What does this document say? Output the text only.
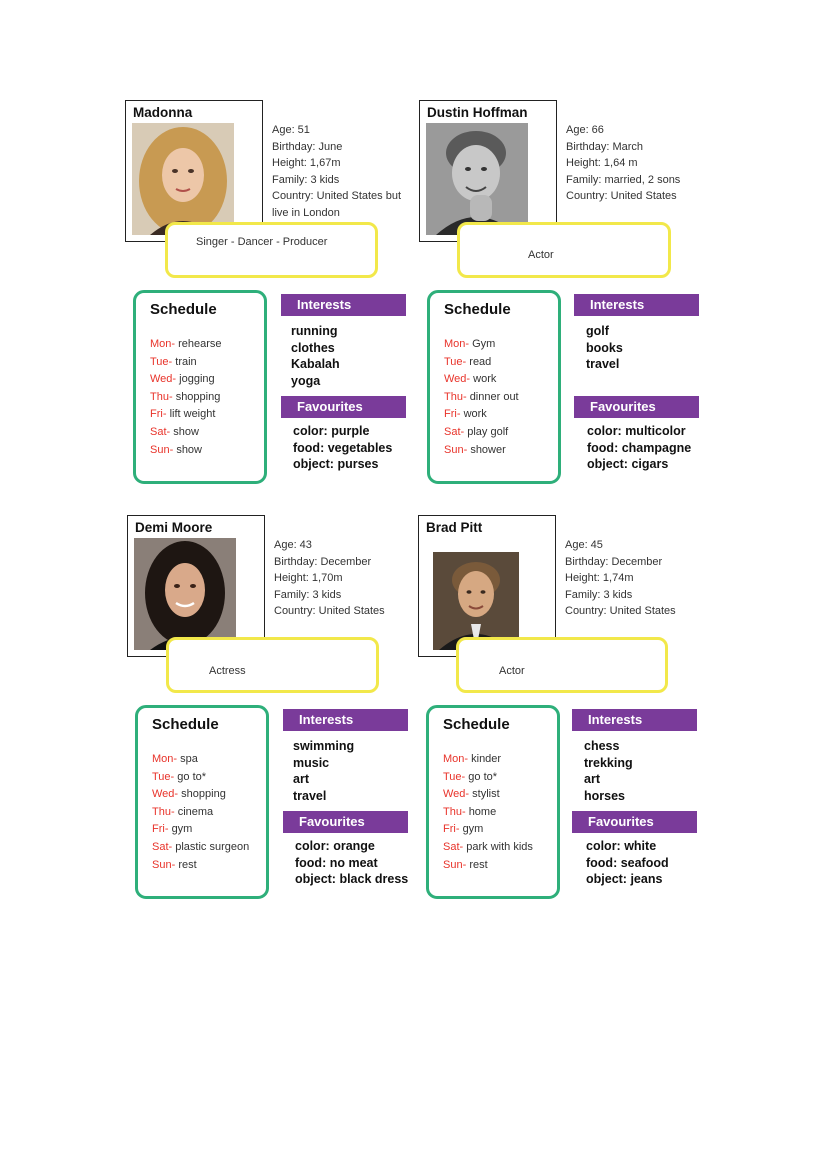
Madonna
Age: 51
Birthday: June
Height: 1,67m
Family: 3 kids
Country: United States but
live in London
Singer - Dancer - Producer
Schedule
Mon- rehearse
Tue- train
Wed- jogging
Thu- shopping
Fri- lift weight
Sat- show
Sun- show
Interests
running
clothes
Kabalah
yoga
Favourites
color: purple
food: vegetables
object: purses
Dustin Hoffman
Age: 66
Birthday: March
Height: 1,64 m
Family: married, 2 sons
Country: United States
Actor
Schedule
Mon- Gym
Tue- read
Wed- work
Thu- dinner out
Fri- work
Sat- play golf
Sun- shower
Interests
golf
books
travel
Favourites
color: multicolor
food: champagne
object: cigars
Demi Moore
Age: 43
Birthday: December
Height: 1,70m
Family: 3 kids
Country: United States
Actress
Schedule
Mon- spa
Tue- go to*
Wed- shopping
Thu- cinema
Fri- gym
Sat- plastic surgeon
Sun- rest
Interests
swimming
music
art
travel
Favourites
color: orange
food: no meat
object: black dress
Brad Pitt
Age: 45
Birthday: December
Height: 1,74m
Family: 3 kids
Country: United States
Actor
Schedule
Mon- kinder
Tue- go to*
Wed- stylist
Thu- home
Fri- gym
Sat- park with kids
Sun- rest
Interests
chess
trekking
art
horses
Favourites
color: white
food: seafood
object: jeans
